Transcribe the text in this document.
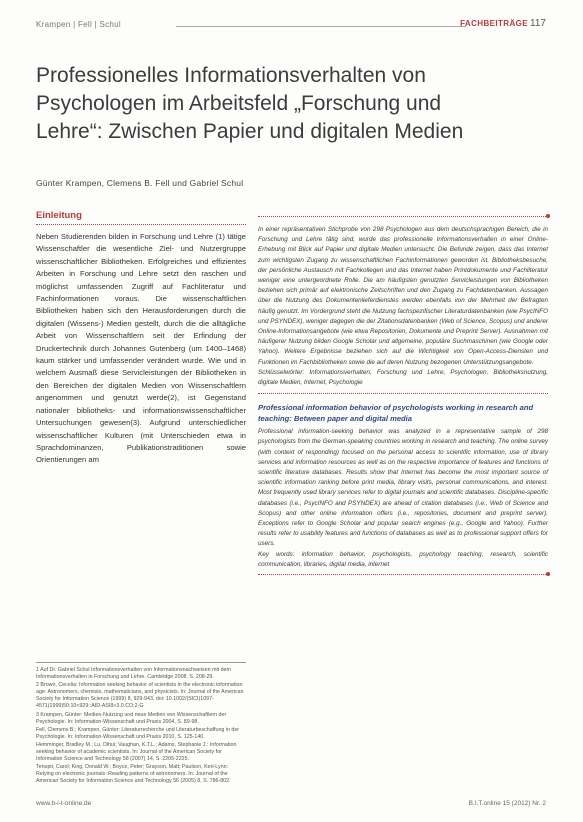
Krampen | Fell | Schul	FACHBEITRÄGE 117
Professionelles Informationsverhalten von
Psychologen im Arbeitsfeld „Forschung und
Lehre“: Zwischen Papier und digitalen Medien
Günter Krampen, Clemens B. Fell und Gabriel Schul
Einleitung

Neben Studierenden bilden in Forschung und Lehre (1) tätige Wissenschaftler die wesentliche Ziel- und Nutzergruppe wissenschaftlicher Bibliotheken. Erfolgreiches und effizientes Arbeiten in Forschung und Lehre setzt den raschen und möglichst umfassenden Zugriff auf Fachliteratur und Fachinformationen voraus. Die wissenschaftlichen Bibliotheken haben sich den Herausforderungen durch die digitalen (Wissens-) Medien gestellt, durch die die alltägliche Arbeit von Wissenschaftlern seit der Erfindung der Druckertechnik durch Johannes Gutenberg (um 1400–1468) kaum stärker und umfassender verändert wurde. Wie und in welchem Ausmaß diese Servicleistungen der Bibliotheken in den Bereichen der digitalen Medien von Wissenschaftlern angenommen und genutzt werde(2), ist Gegenstand nationaler bibliotheks- und informationswissenschaftlicher Untersuchungen gewesen(3). Aufgrund unterschiedlicher wissenschaftlicher Kulturen (mit Unterschieden etwa in Sprachdominanzen, Publikationstraditionen sowie Orientierungen am

1 Auf Dr. Gabriel Schul Informationsverhalten von Informationsnachweisen mit dem Informationsverhalten in Forschung und Lehre. Cambridge 2008. S. 208-29.

2 Brown, Cecelia: Information seeking behavior of scientists in the electronic information age: Astronomers, chemists, mathematicians, and physicists. In: Journal of the American Society for Information Science (1999) 8, 929-943. doi: 10.1002/(SICI)1097-4571(1999)50:10<929::AID-ASI8>3.0.CO;2-G

3 Krampen, Günter: Medien-Nutzung und neue Medien von Wissenschaftlern der Psychologie. In: Information-Wissenschaft und Praxis 2004, S. 89-98.

Fell, Clemens B.; Krampen, Günter: Literaturrecherche und Literaturbeschaffung in der Psychologie. In: Information-Wissenschaft und Praxis 2010, S. 125-140.

Hemminger, Bradley M.; Lu, Dihui; Vaughan, K.T.L.; Adams, Stephanie J.: Information seeking behavior of academic scientists. In: Journal of the American Society for Information Science and Technology 58 (2007) 14, S. 2205-2225.

Tenopir, Carol; King, Donald W.; Boyce, Peter; Grayson, Matt; Paulson, Keri-Lynn: Relying on electronic journals: Reading patterns of astronomers. In: Journal of the American Society for Information Science and Technology 56 (2005) 8, S. 786-802.

In einer repräsentativen Stichprobe von 298 Psychologen aus dem deutschsprachigen Bereich, die in Forschung und Lehre tätig sind, wurde das professionelle Informationsverhalten in einer Online-Erhebung mit Blick auf Papier und digitale Medien untersucht. Die Befunde zeigen, dass das Internet zum wichtigsten Zugang zu wissenschaftlichen Fachinformationen geworden ist. Bibliotheksbesuche, der persönliche Austausch mit Fachkollegen und das Internet haben Printdokumente und Fachliteratur weniger eine untergeordnete Rolle. Die am häufigsten genutzten Servicleistungen von Bibliotheken beziehen sich primär auf elektronische Zeitschriften und den Zugang zu Fachdatenbanken. Aussagen über die Nutzung des Dokumentenlieferdienstes werden ebenfalls von der Mehrheit der Befragten häufig genutzt. Im Vordergrund steht die Nutzung fachspezifischer Literaturdatenbanken (wie PsycINFO und PSYNDEX), weniger dagegen die der Zitationsdatenbanken (Web of Science, Scopus) und anderer Online-Informationsangebote (wie etwa Repositorien, Dokumente und Preprint Server). Ausnahmen mit häufigerer Nutzung bilden Google Scholar und allgemeine, populäre Suchmaschinen (wie Google oder Yahoo). Weitere Ergebnisse beziehen sich auf die Wichtigkeit von Open-Access-Diensten und Funktionen im Fachbibliotheken sowie die auf deren Nutzung bezogenen Unterstützungsangebote.

Schlüsselwörter: Informationsverhalten, Forschung und Lehre, Psychologen, Bibliotheksnutzung, digitale Medien, Internet, Psychologie

Professional information behavior of psychologists working in research and teaching: Between paper and digital media

Professional information-seeking behavior was analyzed in a representative sample of 298 psychologists from the German-speaking countries working in research and teaching. The online survey (with context of responding) focused on the personal access to scientific information, use of library services and information resources as well as on the respective importance of features and functions of scientific literature databases. Results show that Internet has become the most important source of scientific information ranking before print media, library visits, personal communications, and interest. Most frequently used library services refer to digital journals and scientific databases. Discipline-specific databases (i.e., PsycINFO and PSYNDEX) are ahead of citation databases (i.e., Web of Science and Scopus) and other online information offers (i.e., repositories, document and preprint server). Exceptions refer to Google Scholar and popular search engines (e.g., Google and Yahoo). Further results refer to usability features and functions of databases as well as to professional support offers for users.

Key words: information behavior, psychologists, psychology teaching, research, scientific communication, libraries, digital media, internet

www.b-i-t-online.de	B.I.T.online 15 (2012) Nr. 2
